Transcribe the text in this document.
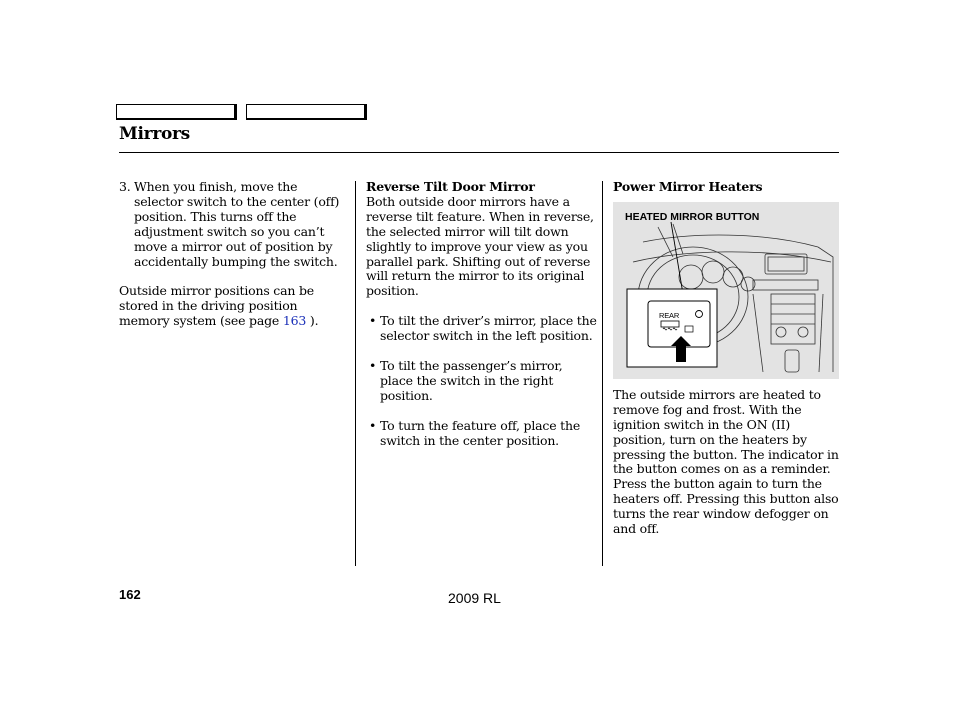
Mirrors
3. When you finish, move the selector switch to the center (off) position. This turns off the adjustment switch so you can’t move a mirror out of position by accidentally bumping the switch.

Outside mirror positions can be stored in the driving position memory system (see page 163 ).

Reverse Tilt Door Mirror

Both outside door mirrors have a reverse tilt feature. When in reverse, the selected mirror will tilt down slightly to improve your view as you parallel park. Shifting out of reverse will return the mirror to its original position.

• To tilt the driver’s mirror, place the selector switch in the left position.
• To tilt the passenger’s mirror, place the switch in the right position.
• To turn the feature off, place the switch in the center position.

Power Mirror Heaters

REAR
HEATED MIRROR BUTTON

The outside mirrors are heated to remove fog and frost. With the ignition switch in the ON (II) position, turn on the heaters by pressing the button. The indicator in the button comes on as a reminder. Press the button again to turn the heaters off. Pressing this button also turns the rear window defogger on and off.

162	2009 RL
